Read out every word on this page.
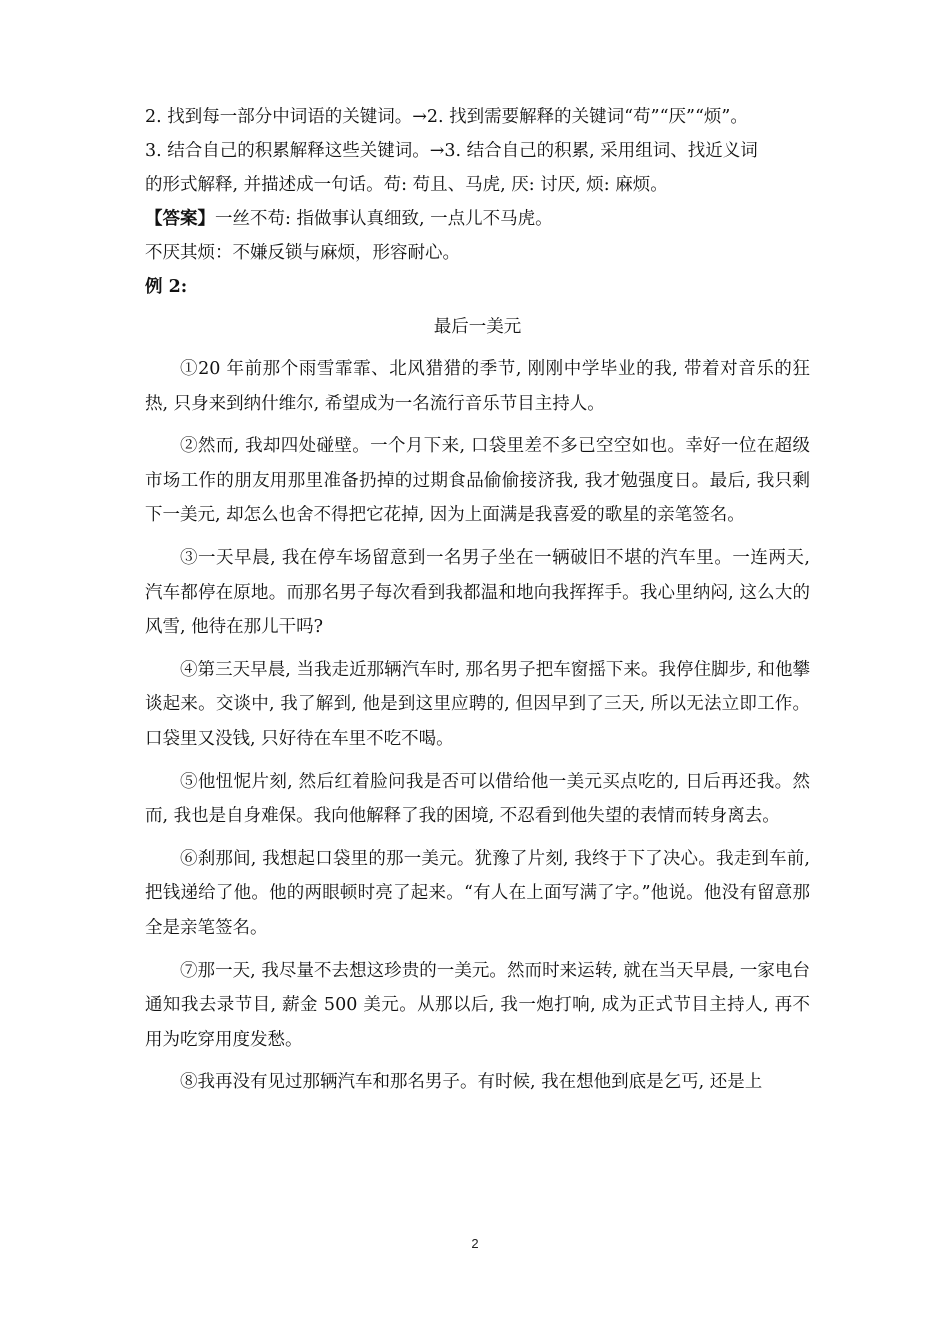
2. 找到每一部分中词语的关键词。→2. 找到需要解释的关键词“苟”“厌”“烦”。

3. 结合自己的积累解释这些关键词。→3. 结合自己的积累, 采用组词、找近义词

的形式解释, 并描述成一句话。苟: 苟且、马虎, 厌: 讨厌, 烦: 麻烦。

【答案】一丝不苟: 指做事认真细致, 一点儿不马虎。

不厌其烦：不嫌反锁与麻烦，形容耐心。

例 2:

最后一美元

①20 年前那个雨雪霏霏、北风猎猎的季节, 刚刚中学毕业的我, 带着对音乐的狂热, 只身来到纳什维尔, 希望成为一名流行音乐节目主持人。

②然而, 我却四处碰壁。一个月下来, 口袋里差不多已空空如也。幸好一位在超级市场工作的朋友用那里准备扔掉的过期食品偷偷接济我, 我才勉强度日。最后, 我只剩下一美元, 却怎么也舍不得把它花掉, 因为上面满是我喜爱的歌星的亲笔签名。

③一天早晨, 我在停车场留意到一名男子坐在一辆破旧不堪的汽车里。一连两天, 汽车都停在原地。而那名男子每次看到我都温和地向我挥挥手。我心里纳闷, 这么大的风雪, 他待在那儿干吗?

④第三天早晨, 当我走近那辆汽车时, 那名男子把车窗摇下来。我停住脚步, 和他攀谈起来。交谈中, 我了解到, 他是到这里应聘的, 但因早到了三天, 所以无法立即工作。口袋里又没钱, 只好待在车里不吃不喝。

⑤他忸怩片刻, 然后红着脸问我是否可以借给他一美元买点吃的, 日后再还我。然而, 我也是自身难保。我向他解释了我的困境, 不忍看到他失望的表情而转身离去。

⑥刹那间, 我想起口袋里的那一美元。犹豫了片刻, 我终于下了决心。我走到车前, 把钱递给了他。他的两眼顿时亮了起来。“有人在上面写满了字。”他说。他没有留意那全是亲笔签名。

⑦那一天, 我尽量不去想这珍贵的一美元。然而时来运转, 就在当天早晨, 一家电台通知我去录节目, 薪金 500 美元。从那以后, 我一炮打响, 成为正式节目主持人, 再不用为吃穿用度发愁。

⑧我再没有见过那辆汽车和那名男子。有时候, 我在想他到底是乞丐, 还是上

2
